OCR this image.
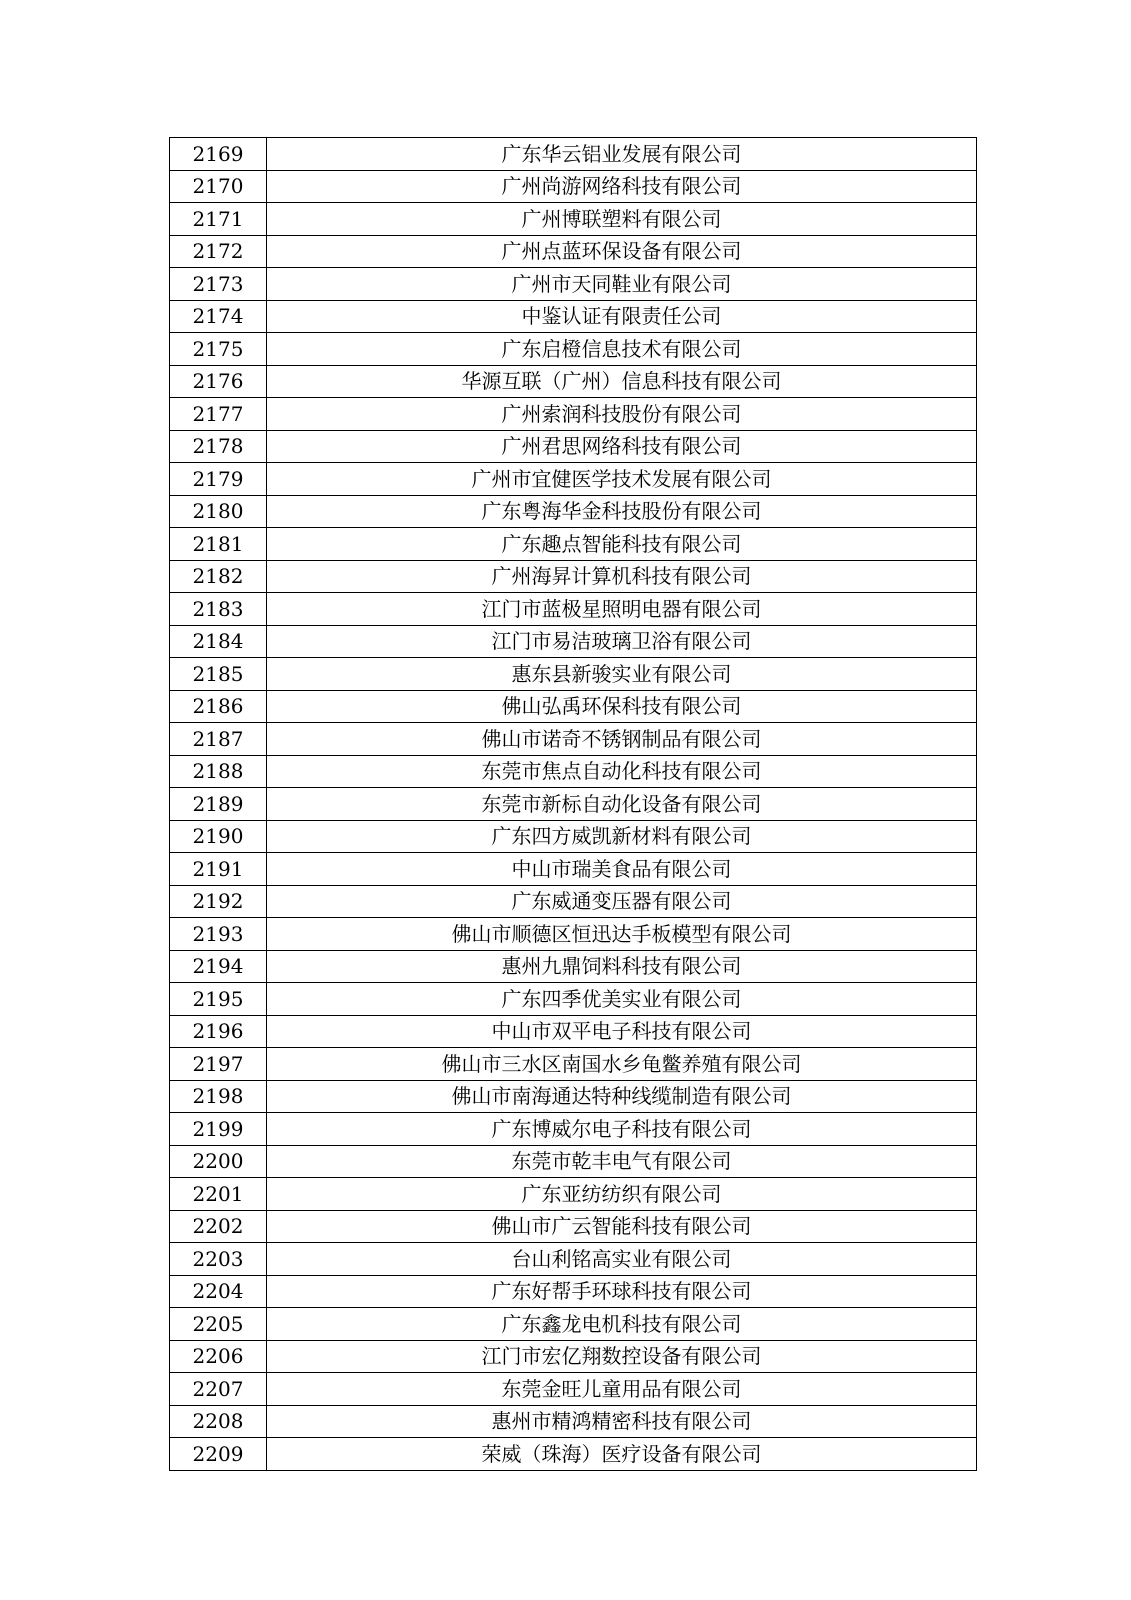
2169	广东华云铝业发展有限公司
2170	广州尚游网络科技有限公司
2171	广州博联塑料有限公司
2172	广州点蓝环保设备有限公司
2173	广州市天同鞋业有限公司
2174	中鉴认证有限责任公司
2175	广东启橙信息技术有限公司
2176	华源互联（广州）信息科技有限公司
2177	广州索润科技股份有限公司
2178	广州君思网络科技有限公司
2179	广州市宜健医学技术发展有限公司
2180	广东粤海华金科技股份有限公司
2181	广东趣点智能科技有限公司
2182	广州海昇计算机科技有限公司
2183	江门市蓝极星照明电器有限公司
2184	江门市易洁玻璃卫浴有限公司
2185	惠东县新骏实业有限公司
2186	佛山弘禹环保科技有限公司
2187	佛山市诺奇不锈钢制品有限公司
2188	东莞市焦点自动化科技有限公司
2189	东莞市新标自动化设备有限公司
2190	广东四方威凯新材料有限公司
2191	中山市瑞美食品有限公司
2192	广东威通变压器有限公司
2193	佛山市顺德区恒迅达手板模型有限公司
2194	惠州九鼎饲料科技有限公司
2195	广东四季优美实业有限公司
2196	中山市双平电子科技有限公司
2197	佛山市三水区南国水乡龟鳖养殖有限公司
2198	佛山市南海通达特种线缆制造有限公司
2199	广东博威尔电子科技有限公司
2200	东莞市乾丰电气有限公司
2201	广东亚纺纺织有限公司
2202	佛山市广云智能科技有限公司
2203	台山利铭高实业有限公司
2204	广东好帮手环球科技有限公司
2205	广东鑫龙电机科技有限公司
2206	江门市宏亿翔数控设备有限公司
2207	东莞金旺儿童用品有限公司
2208	惠州市精鸿精密科技有限公司
2209	荣威（珠海）医疗设备有限公司
